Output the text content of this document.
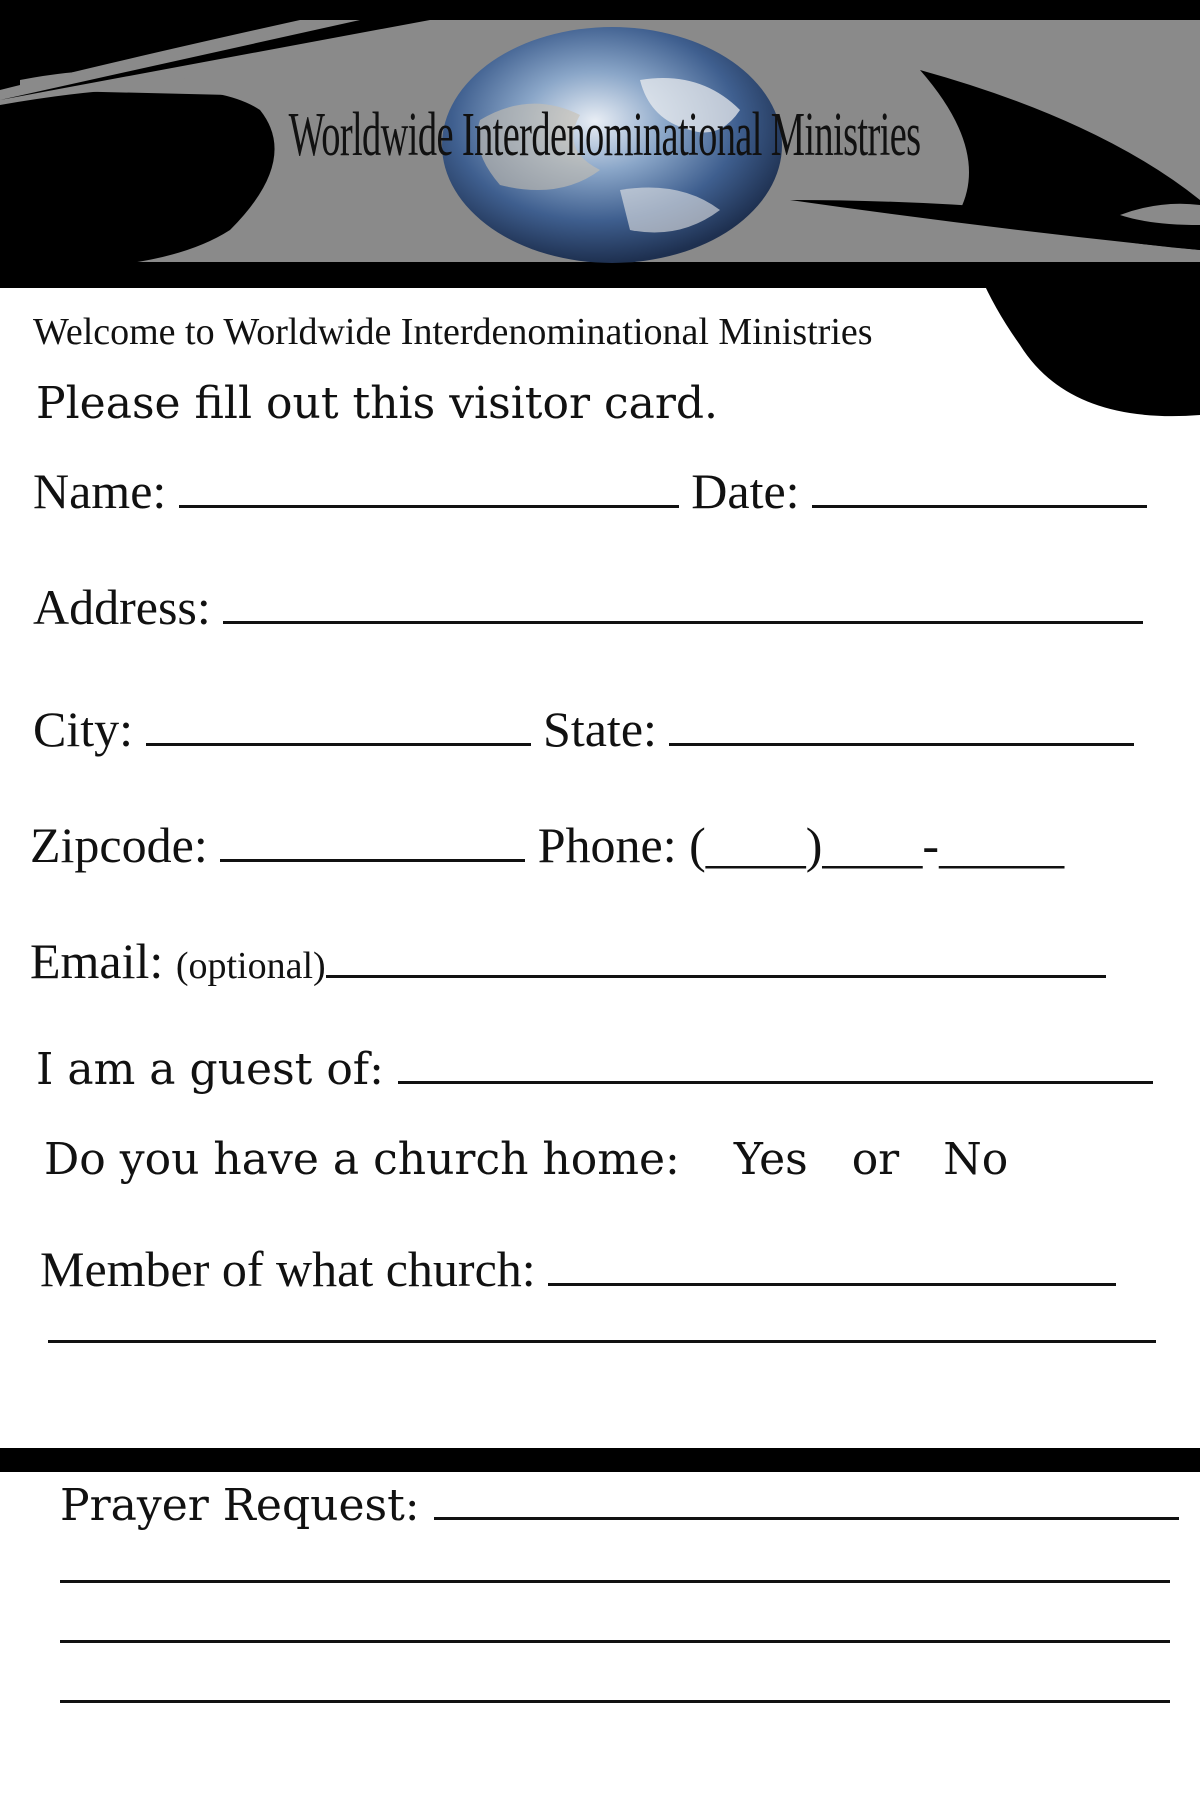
Worldwide Interdenominational Ministries
Welcome to Worldwide Interdenominational Ministries
Please fill out this visitor card.
Name:	Date:
Address:
City:	State:
Zipcode:	Phone: (____)____-_____
Email: (optional)
I am a guest of:
Do you have a church home: Yes or No
Member of what church:
Prayer Request:
